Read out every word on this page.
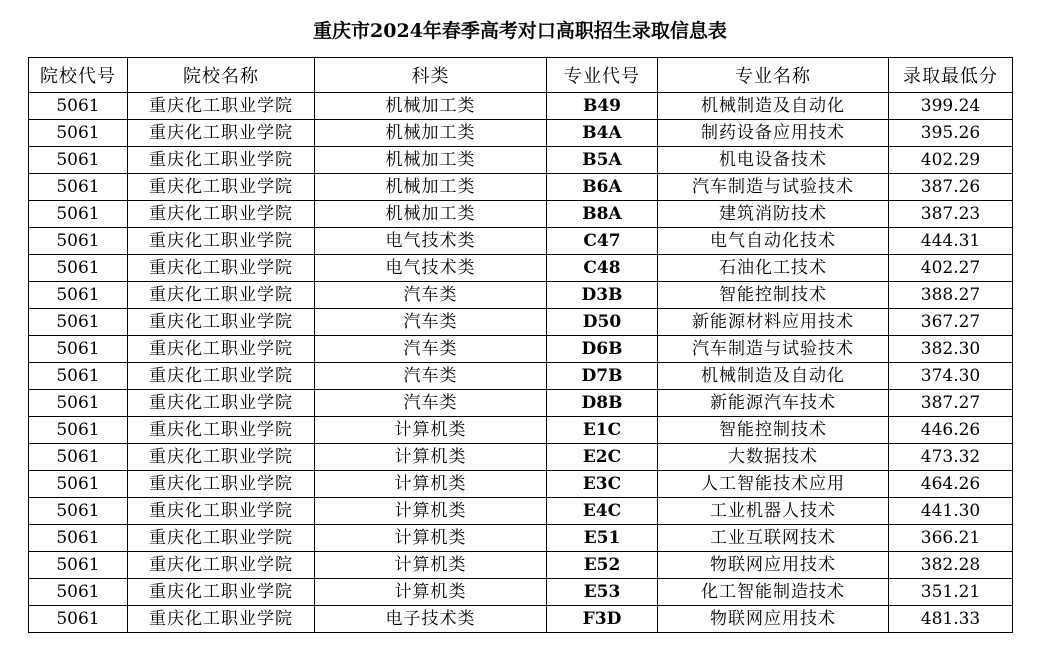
重庆市2024年春季高考对口高职招生录取信息表
院校代号	院校名称	科类	专业代号	专业名称	录取最低分
5061	重庆化工职业学院	机械加工类	B49	机械制造及自动化	399.24
5061	重庆化工职业学院	机械加工类	B4A	制药设备应用技术	395.26
5061	重庆化工职业学院	机械加工类	B5A	机电设备技术	402.29
5061	重庆化工职业学院	机械加工类	B6A	汽车制造与试验技术	387.26
5061	重庆化工职业学院	机械加工类	B8A	建筑消防技术	387.23
5061	重庆化工职业学院	电气技术类	C47	电气自动化技术	444.31
5061	重庆化工职业学院	电气技术类	C48	石油化工技术	402.27
5061	重庆化工职业学院	汽车类	D3B	智能控制技术	388.27
5061	重庆化工职业学院	汽车类	D50	新能源材料应用技术	367.27
5061	重庆化工职业学院	汽车类	D6B	汽车制造与试验技术	382.30
5061	重庆化工职业学院	汽车类	D7B	机械制造及自动化	374.30
5061	重庆化工职业学院	汽车类	D8B	新能源汽车技术	387.27
5061	重庆化工职业学院	计算机类	E1C	智能控制技术	446.26
5061	重庆化工职业学院	计算机类	E2C	大数据技术	473.32
5061	重庆化工职业学院	计算机类	E3C	人工智能技术应用	464.26
5061	重庆化工职业学院	计算机类	E4C	工业机器人技术	441.30
5061	重庆化工职业学院	计算机类	E51	工业互联网技术	366.21
5061	重庆化工职业学院	计算机类	E52	物联网应用技术	382.28
5061	重庆化工职业学院	计算机类	E53	化工智能制造技术	351.21
5061	重庆化工职业学院	电子技术类	F3D	物联网应用技术	481.33
